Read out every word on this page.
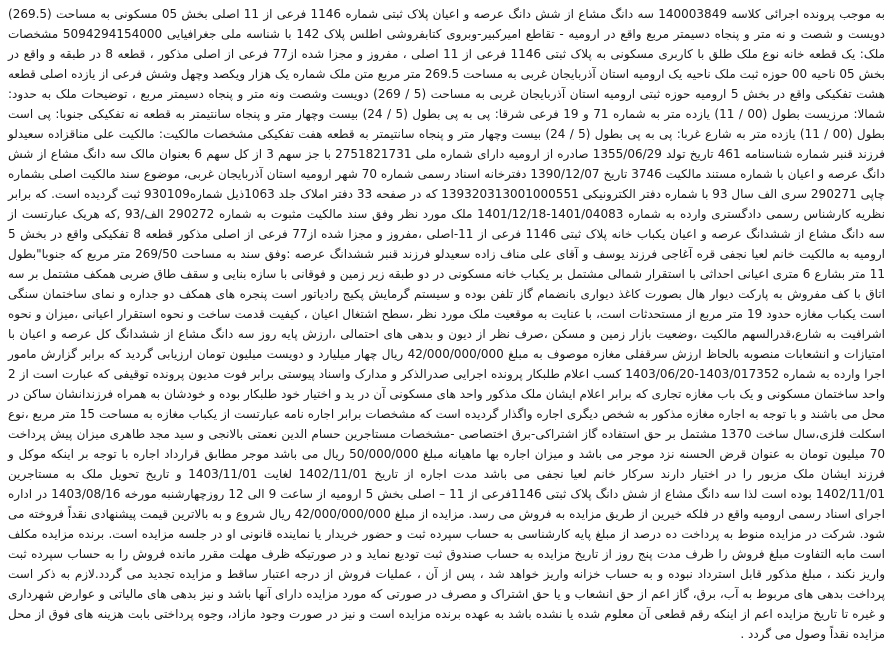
به موجب پرونده اجرائی کلاسه 140003849 سه دانگ مشاع از شش دانگ عرصه و اعیان پلاک ثبتی شماره 1146 فرعی از 11 اصلی بخش 05 مسکونی به مساحت (269.5) دویست و شصت و نه متر و پنجاه دسیمتر مربع واقع در ارومیه - تقاطع امیرکبیر-وبروی کتابفروشی اطلس پلاک 142 با شناسه ملی جغرافیایی 5094294154000 مشخصات ملک: یک قطعه خانه نوع ملک طلق با کاربری مسکونی به پلاک ثبتی 1146 فرعی از 11 اصلی ، مفروز و مجزا شده از77 فرعی از اصلی مذکور ، قطعه 8 در طبقه و واقع در بخش 05 ناحیه 00 حوزه ثبت ملک ناحیه یک ارومیه استان آذربایجان غربی به مساحت 269.5 متر مربع متن ملک شماره یک هزار ویکصد وچهل وشش فرعی از یازده اصلی قطعه هشت تفکیکی واقع در بخش 5 ارومیه حوزه ثبتی ارومیه استان آذربایجان غربی به مساحت (5 / 269) دویست وشصت ونه متر و پنجاه دسیمتر مربع ، توضیحات ملک به حدود: شمالا: مرزیست بطول (00 / 11) یازده متر به شماره 71 و 19 فرعی شرقا: پی به پی بطول (5 / 24) بیست وچهار متر و پنجاه سانتیمتر به قطعه نه تفکیکی جنوبا: پی است بطول (00 / 11) یازده متر به شارع غربا: پی به پی بطول (5 / 24) بیست وچهار متر و پنجاه سانتیمتر به قطعه هفت تفکیکی مشخصات مالکیت: مالکیت علی مناقزاده سعیدلو فرزند قنبر شماره شناسنامه 461 تاریخ تولد 1355/06/29 صادره از ارومیه دارای شماره ملی 2751821731 با جز سهم 3 از کل سهم 6 بعنوان مالک سه دانگ مشاع از شش دانگ عرصه و اعیان با شماره مستند مالکیت 3746 تاریخ 1390/12/07 دفترخانه اسناد رسمی شماره 70 شهر ارومیه استان آذربایجان غربی، موضوع سند مالکیت اصلی بشماره چاپی 290271 سری الف سال 93 با شماره دفتر الکترونیکی 139320313001000551 که در صفحه 33 دفتر املاک جلد 1063ذیل شماره930109 ثبت گردیده است. که برابر نظریه کارشناس رسمی دادگستری وارده به شماره 1401/04083-1401/12/18 ملک مورد نظر وفق سند مالکیت مثبوت به شماره 290272 الف/93 ,که هریک عبارتست از سه دانگ مشاع از ششدانگ عرصه و اعیان یکباب خانه پلاک ثبتی 1146 فرعی از 11-اصلی ،مفروز و مجزا شده از77 فرعی از اصلی مذکور قطعه 8 تفکیکی واقع در بخش 5 ارومیه به مالکیت خانم لعیا نجفی قره آغاجی فرزند یوسف و آقای علی مناف زاده سعیدلو فرزند قنبر ششدانگ عرصه :وفق سند به مساحت 269/50 متر مربع که جنوبا"بطول 11 متر بشارع 6 متری اعیانی احداثی با استقرار شمالی مشتمل بر یکباب خانه مسکونی در دو طبقه زیر زمین و فوقانی با سازه بنایی و سقف طاق ضربی همکف مشتمل بر سه اتاق با کف مفروش به پارکت دیوار هال بصورت کاغذ دیواری بانضمام گاز تلفن بوده و سیستم گرمایش پکیج رادیاتور است پنجره های همکف دو جداره و نمای ساختمان سنگی است یکباب مغازه حدود 19 متر مربع از مستحدثات است، با عنایت به موقعیت ملک مورد نظر ،سطح اشتغال اعیان ، کیفیت قدمت ساخت و نحوه استقرار اعیانی ،میزان و نحوه اشرافیت به شارع،قدرالسهم مالکیت ،وضعیت بازار زمین و مسکن ،صرف نظر از دیون و بدهی های احتمالی ،ارزش پایه روز سه دانگ مشاع از ششدانگ کل عرصه و اعیان با امتیازات و انشعابات منصوبه بالحاظ ارزش سرقفلی مغازه موصوف به مبلغ 42/000/000/000 ریال چهار میلیارد و دویست میلیون تومان ارزیابی گردید که برابر گزارش مامور اجرا وارده به شماره 1403/017352-1403/06/20 کسب اعلام طلبکار پرونده اجرایی صدرالذکر و مدارک واسناد پیوستی برابر فوت مدیون پرونده توقیفی که عبارت است از 2 واحد ساختمان مسکونی و یک باب مغازه تجاری که برابر اعلام ایشان ملک مذکور واحد های مسکونی آن در ید و اختیار خود طلبکار بوده و خودشان به همراه فرزندانشان ساکن در محل می باشند و با توجه به اجاره مغازه مذکور به شخص دیگری اجاره واگذار گردیده است که مشخصات برابر اجاره نامه عبارتست از یکباب مغازه به مساحت 15 متر مربع ،نوع اسکلت فلزی،سال ساخت 1370 مشتمل بر حق استفاده گاز اشتراکی-برق اختصاصی -مشخصات مستاجرین حسام الدین نعمتی بالانجی و سید مجد طاهری میزان پیش پرداخت 70 میلیون تومان به عنوان قرض الحسنه نزد موجر می باشد و میزان اجاره بها ماهیانه مبلغ 50/000/000 ریال می باشد موجر مطابق قرارداد اجاره با توجه بر اینکه موکل و فرزند ایشان ملک مزبور را در اختیار دارند سرکار خانم لعیا نجفی می باشد مدت اجاره از تاریخ 1402/11/01 لغایت 1403/11/01 و تاریخ تحویل ملک به مستاجرین 1402/11/01 بوده است لذا سه دانگ مشاع از شش دانگ پلاک ثبتی 1146فرعی از 11 – اصلی بخش 5 ارومیه از ساعت 9 الی 12 روزچهارشنبه مورخه 1403/08/16 در اداره اجرای اسناد رسمی ارومیه واقع در فلکه خیرین از طریق مزایده به فروش می رسد. مزایده از مبلغ 42/000/000/000 ریال شروع و به بالاترین قیمت پیشنهادی نقداً فروخته می شود. شرکت در مزایده منوط به پرداخت ده درصد از مبلغ پایه کارشناسی به حساب سپرده ثبت و حضور خریدار یا نماینده قانونی او در جلسه مزایده است. برنده مزایده مکلف است مابه التفاوت مبلغ فروش را ظرف مدت پنج روز از تاریخ مزایده به حساب صندوق ثبت تودیع نماید و در صورتیکه ظرف مهلت مقرر مانده فروش را به حساب سپرده ثبت واریز نکند ، مبلغ مذکور قابل استرداد نبوده و به حساب خزانه واریز خواهد شد ، پس از آن ، عملیات فروش از درجه اعتبار ساقط و مزایده تجدید می گردد.لازم به ذکر است پرداخت بدهی های مربوط به آب، برق، گاز اعم از حق انشعاب و یا حق اشتراک و مصرف در صورتی که مورد مزایده دارای آنها باشد و نیز بدهی های مالیاتی و عوارض شهرداری و غیره تا تاریخ مزایده اعم از اینکه رقم قطعی آن معلوم شده یا نشده باشد به عهده برنده مزایده است و نیز در صورت وجود مازاد، وجوه پرداختی بابت هزینه های فوق از محل مزایده نقداً وصول می گردد .
